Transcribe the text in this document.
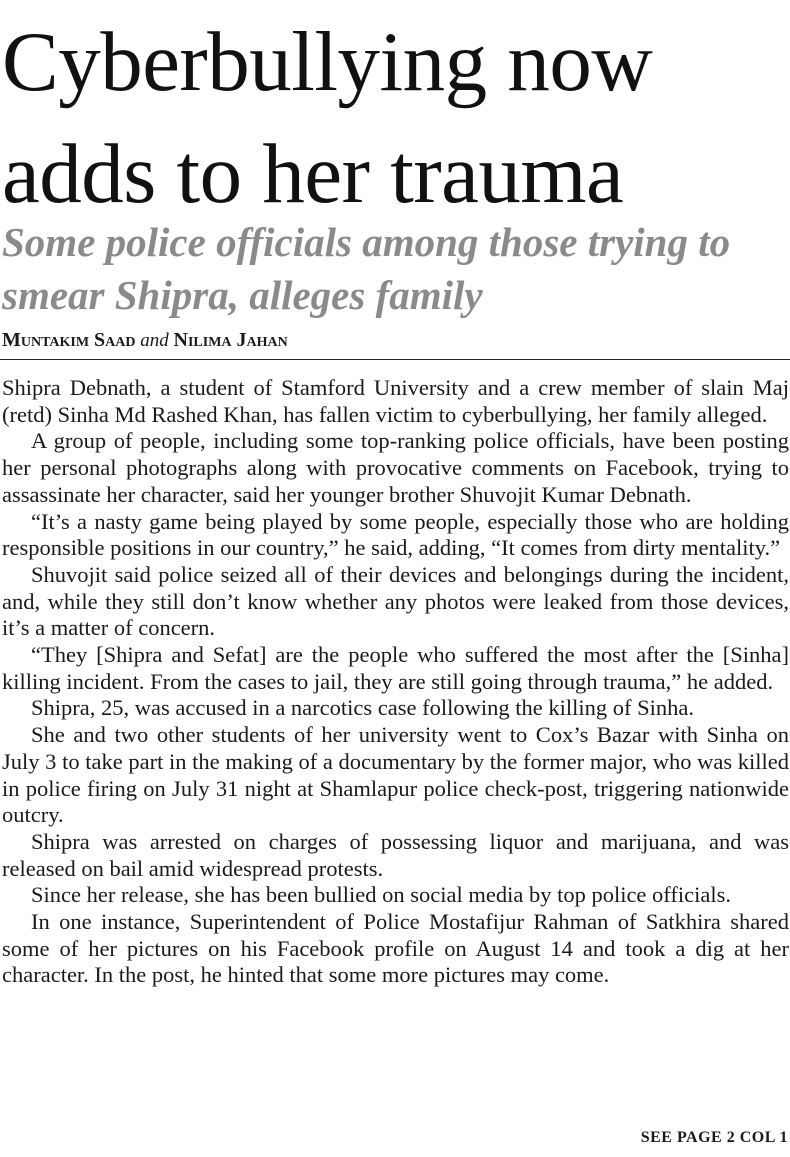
Cyberbullying now adds to her trauma
Some police officials among those trying to smear Shipra, alleges family
Muntakim Saad and Nilima Jahan

Shipra Debnath, a student of Stamford University and a crew member of slain Maj (retd) Sinha Md Rashed Khan, has fallen victim to cyberbullying, her family alleged.

A group of people, including some top-ranking police officials, have been posting her personal photographs along with provocative comments on Facebook, trying to assassinate her character, said her younger brother Shuvojit Kumar Debnath.

“It’s a nasty game being played by some people, especially those who are holding responsible positions in our country,” he said, adding, “It comes from dirty mentality.”

Shuvojit said police seized all of their devices and belongings during the incident, and, while they still don’t know whether any photos were leaked from those devices, it’s a matter of concern.

“They [Shipra and Sefat] are the people who suffered the most after the [Sinha] killing incident. From the cases to jail, they are still going through trauma,” he added.

Shipra, 25, was accused in a narcotics case following the killing of Sinha.

She and two other students of her university went to Cox’s Bazar with Sinha on July 3 to take part in the making of a documentary by the former major, who was killed in police firing on July 31 night at Shamlapur police check-post, triggering nationwide outcry.

Shipra was arrested on charges of possessing liquor and marijuana, and was released on bail amid widespread protests.

Since her release, she has been bullied on social media by top police officials.

In one instance, Superintendent of Police Mostafijur Rahman of Satkhira shared some of her pictures on his Facebook profile on August 14 and took a dig at her character. In the post, he hinted that some more pictures may come.

SEE PAGE 2 COL 1
